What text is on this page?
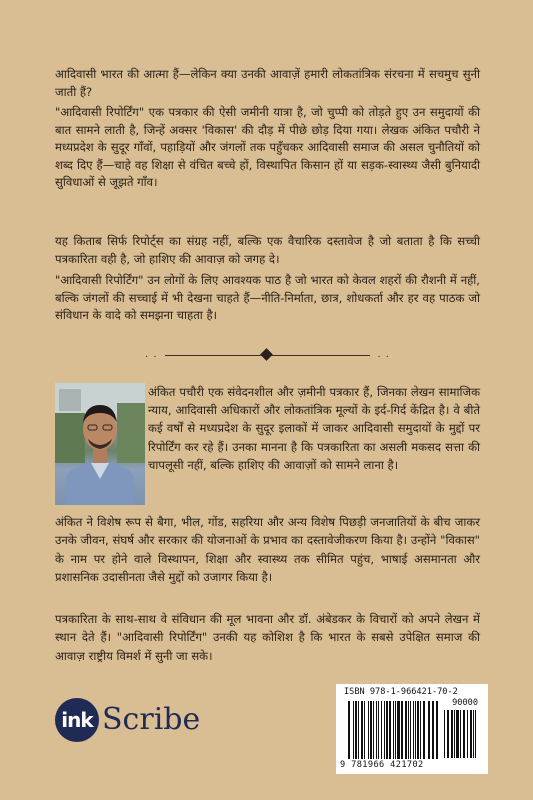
आदिवासी भारत की आत्मा हैं—लेकिन क्या उनकी आवाज़ें हमारी लोकतांत्रिक संरचना में सचमुच सुनी जाती हैं?

"आदिवासी रिपोर्टिंग" एक पत्रकार की ऐसी जमीनी यात्रा है, जो चुप्पी को तोड़ते हुए उन समुदायों की बात सामने लाती है, जिन्हें अक्सर 'विकास' की दौड़ में पीछे छोड़ दिया गया। लेखक अंकित पचौरी ने मध्यप्रदेश के सुदूर गाँवों, पहाड़ियों और जंगलों तक पहुँचकर आदिवासी समाज की असल चुनौतियों को शब्द दिए हैं—चाहे वह शिक्षा से वंचित बच्चे हों, विस्थापित किसान हों या सड़क-स्वास्थ्य जैसी बुनियादी सुविधाओं से जूझते गाँव।

यह किताब सिर्फ रिपोर्ट्स का संग्रह नहीं, बल्कि एक वैचारिक दस्तावेज है जो बताता है कि सच्ची पत्रकारिता वही है, जो हाशिए की आवाज़ को जगह दे।

"आदिवासी रिपोर्टिंग" उन लोगों के लिए आवश्यक पाठ है जो भारत को केवल शहरों की रौशनी में नहीं, बल्कि जंगलों की सच्चाई में भी देखना चाहते हैं—नीति-निर्माता, छात्र, शोधकर्ता और हर वह पाठक जो संविधान के वादे को समझना चाहता है।

. .	. .

अंकित पचौरी एक संवेदनशील और ज़मीनी पत्रकार हैं, जिनका लेखन सामाजिक न्याय, आदिवासी अधिकारों और लोकतांत्रिक मूल्यों के इर्द-गिर्द केंद्रित है। वे बीते कई वर्षों से मध्यप्रदेश के सुदूर इलाकों में जाकर आदिवासी समुदायों के मुद्दों पर रिपोर्टिंग कर रहे हैं। उनका मानना है कि पत्रकारिता का असली मकसद सत्ता की चापलूसी नहीं, बल्कि हाशिए की आवाज़ों को सामने लाना है।

अंकित ने विशेष रूप से बैगा, भील, गोंड, सहरिया और अन्य विशेष पिछड़ी जनजातियों के बीच जाकर उनके जीवन, संघर्ष और सरकार की योजनाओं के प्रभाव का दस्तावेजीकरण किया है। उन्होंने "विकास" के नाम पर होने वाले विस्थापन, शिक्षा और स्वास्थ्य तक सीमित पहुंच, भाषाई असमानता और प्रशासनिक उदासीनता जैसे मुद्दों को उजागर किया है।

पत्रकारिता के साथ-साथ वे संविधान की मूल भावना और डॉ. अंबेडकर के विचारों को अपने लेखन में स्थान देते हैं। "आदिवासी रिपोर्टिंग" उनकी यह कोशिश है कि भारत के सबसे उपेक्षित समाज की आवाज़ राष्ट्रीय विमर्श में सुनी जा सके।

ink Scribe
ISBN 978-1-966421-70-2
90000
9 781966 421702
